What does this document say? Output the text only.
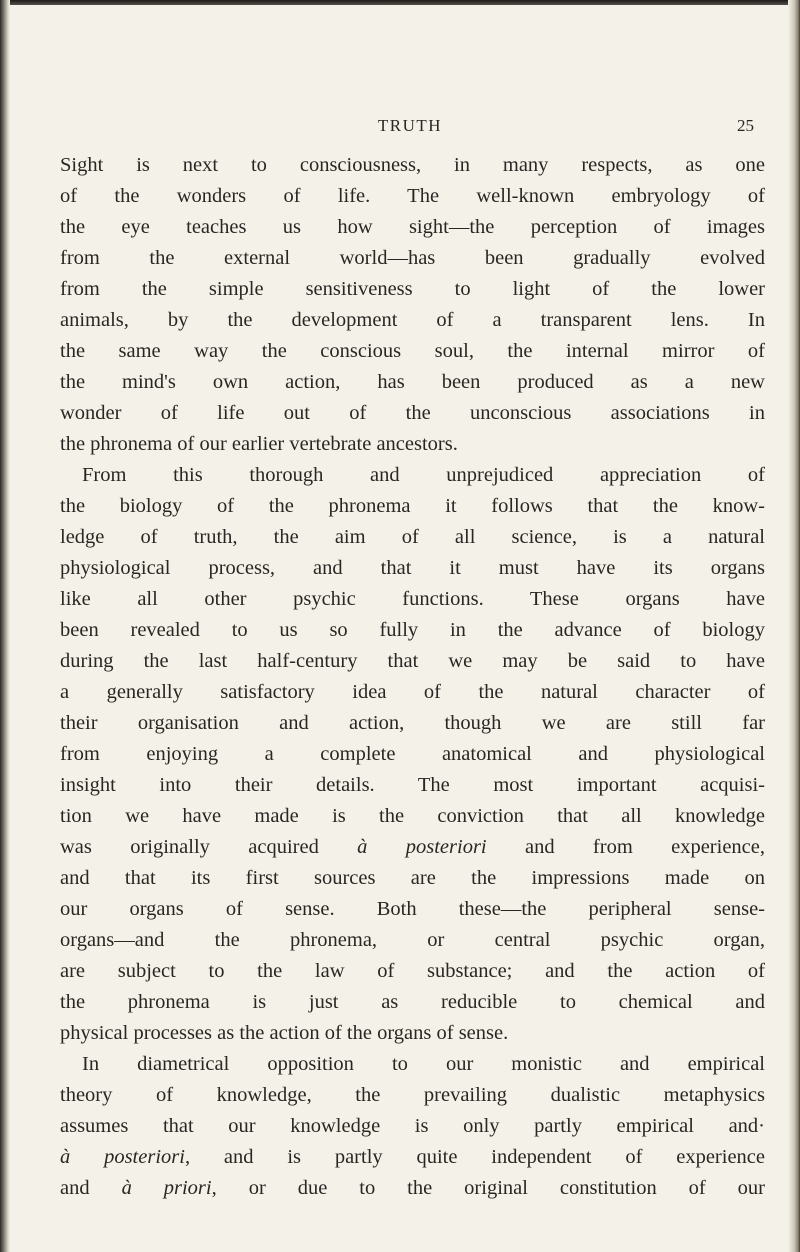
TRUTH	25
Sight is next to consciousness, in many respects, as one
of the wonders of life. The well-known embryology of
the eye teaches us how sight—the perception of images
from the external world—has been gradually evolved
from the simple sensitiveness to light of the lower
animals, by the development of a transparent lens. In
the same way the conscious soul, the internal mirror of
the mind's own action, has been produced as a new
wonder of life out of the unconscious associations in
the phronema of our earlier vertebrate ancestors.
From this thorough and unprejudiced appreciation of
the biology of the phronema it follows that the know-
ledge of truth, the aim of all science, is a natural
physiological process, and that it must have its organs
like all other psychic functions. These organs have
been revealed to us so fully in the advance of biology
during the last half-century that we may be said to have
a generally satisfactory idea of the natural character of
their organisation and action, though we are still far
from enjoying a complete anatomical and physiological
insight into their details. The most important acquisi-
tion we have made is the conviction that all knowledge
was originally acquired à posteriori and from experience,
and that its first sources are the impressions made on
our organs of sense. Both these—the peripheral sense-
organs—and the phronema, or central psychic organ,
are subject to the law of substance; and the action of
the phronema is just as reducible to chemical and
physical processes as the action of the organs of sense.
In diametrical opposition to our monistic and empirical
theory of knowledge, the prevailing dualistic metaphysics
assumes that our knowledge is only partly empirical and·
à posteriori, and is partly quite independent of experience
and à priori, or due to the original constitution of our
